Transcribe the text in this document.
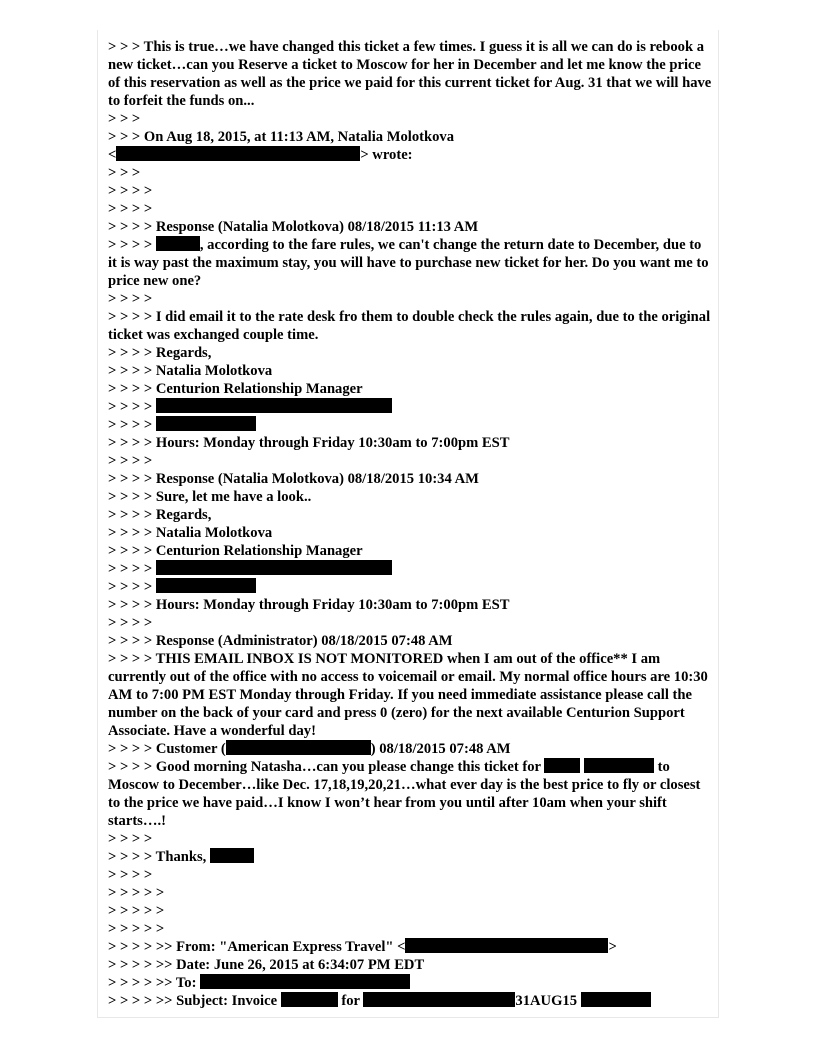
> > > This is true…we have changed this ticket a few times. I guess it is all we can do is rebook a new ticket…can you Reserve a ticket to Moscow for her in December and let me know the price of this reservation as well as the price we paid for this current ticket for Aug. 31 that we will have to forfeit the funds on...
> > >
> > > On Aug 18, 2015, at 11:13 AM, Natalia Molotkova
<	> wrote:
> > >
> > > >
> > > >
> > > > Response (Natalia Molotkova) 08/18/2015 11:13 AM
> > > >	, according to the fare rules, we can't change the return date to December, due to it is way past the maximum stay, you will have to purchase new ticket for her. Do you want me to price new one?
> > > >
> > > > I did email it to the rate desk fro them to double check the rules again, due to the original ticket was exchanged couple time.
> > > > Regards,
> > > > Natalia Molotkova
> > > > Centurion Relationship Manager
> > > >
> > > >
> > > > Hours: Monday through Friday 10:30am to 7:00pm EST
> > > >
> > > > Response (Natalia Molotkova) 08/18/2015 10:34 AM
> > > > Sure, let me have a look..
> > > > Regards,
> > > > Natalia Molotkova
> > > > Centurion Relationship Manager
> > > >
> > > >
> > > > Hours: Monday through Friday 10:30am to 7:00pm EST
> > > >
> > > > Response (Administrator) 08/18/2015 07:48 AM
> > > > THIS EMAIL INBOX IS NOT MONITORED when I am out of the office** I am currently out of the office with no access to voicemail or email. My normal office hours are 10:30 AM to 7:00 PM EST Monday through Friday. If you need immediate assistance please call the number on the back of your card and press 0 (zero) for the next available Centurion Support Associate. Have a wonderful day!
> > > > Customer (	) 08/18/2015 07:48 AM
> > > > Good morning Natasha…can you please change this ticket for	to Moscow to December…like Dec. 17,18,19,20,21…what ever day is the best price to fly or closest to the price we have paid…I know I won’t hear from you until after 10am when your shift starts….!
> > > >
> > > > Thanks,
> > > >
> > > > >
> > > > >
> > > > >
> > > > >> From: "American Express Travel" <	>
> > > > >> Date: June 26, 2015 at 6:34:07 PM EDT
> > > > >> To:
> > > > >> Subject: Invoice	for	31AUG15
